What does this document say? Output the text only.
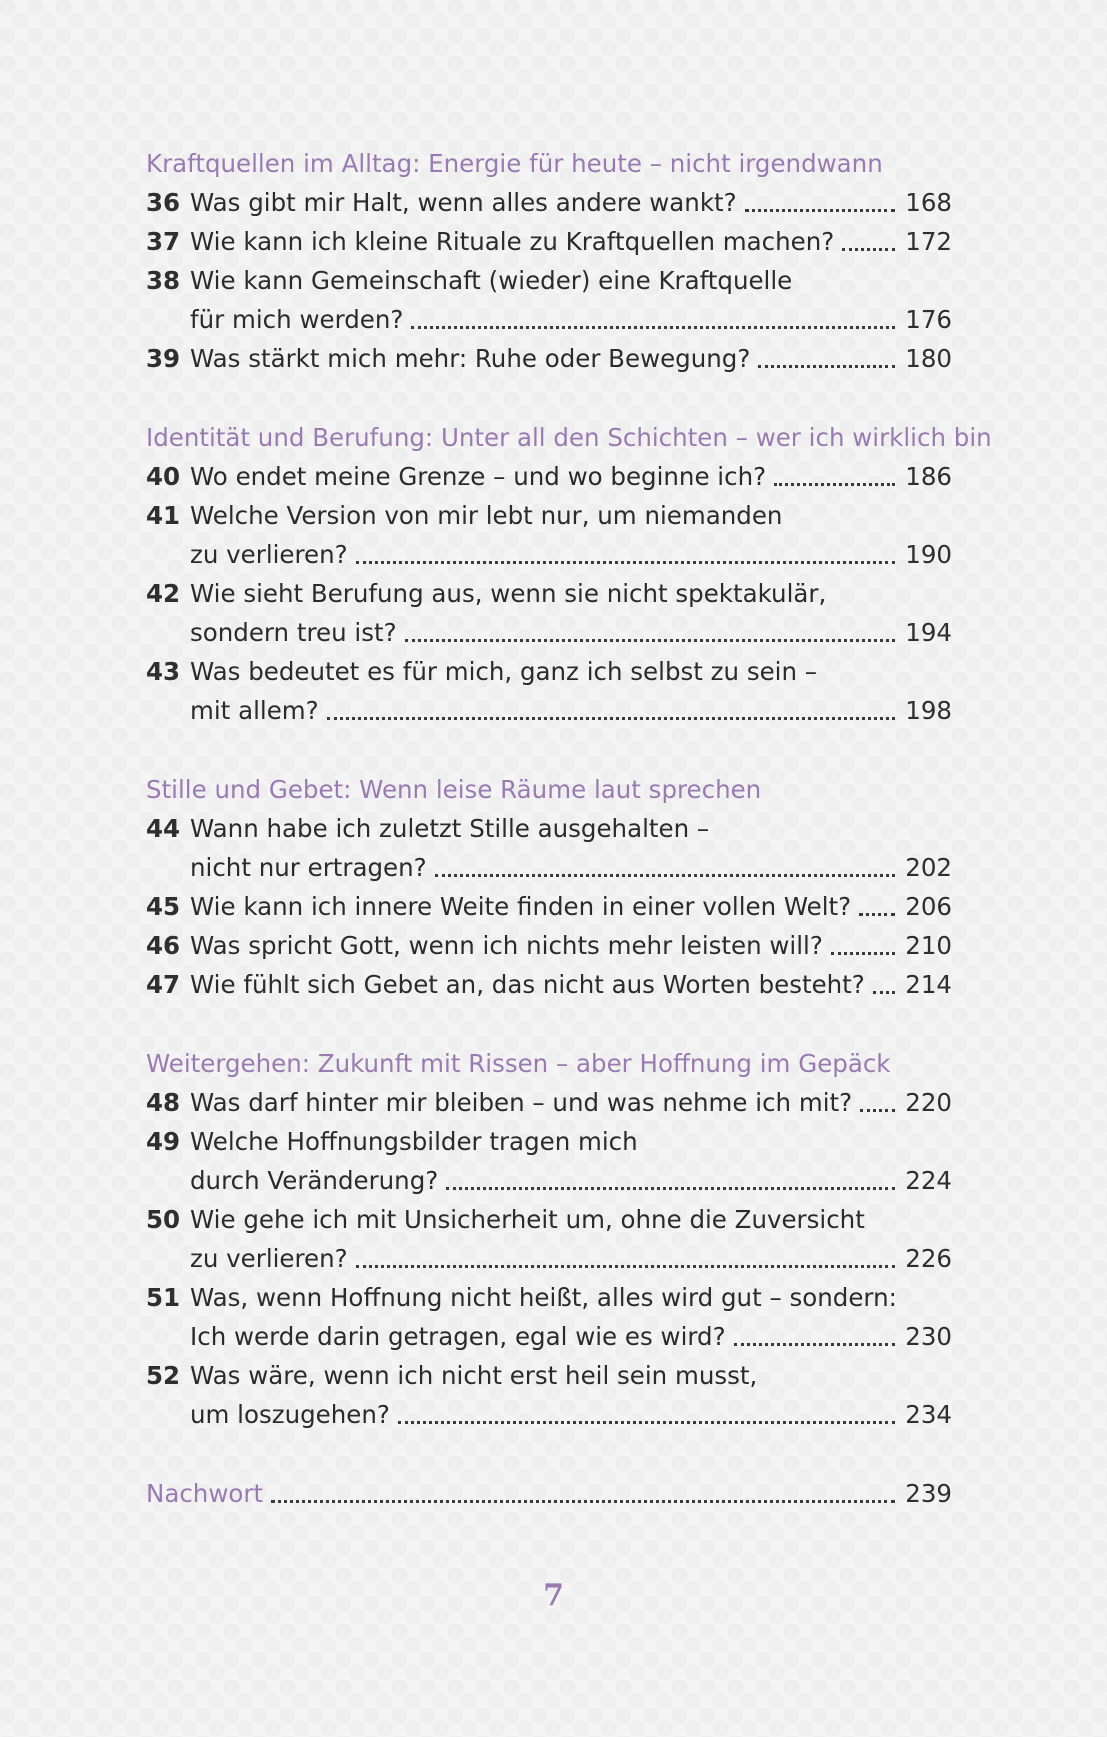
Kraftquellen im Alltag: Energie für heute – nicht irgendwann
36 Was gibt mir Halt, wenn alles andere wankt?	168
37 Wie kann ich kleine Rituale zu Kraftquellen machen?	172
38 Wie kann Gemeinschaft (wieder) eine Kraftquelle
für mich werden?	176
39 Was stärkt mich mehr: Ruhe oder Bewegung?	180
Identität und Berufung: Unter all den Schichten – wer ich wirklich bin
40 Wo endet meine Grenze – und wo beginne ich?	186
41 Welche Version von mir lebt nur, um niemanden
zu verlieren?	190
42 Wie sieht Berufung aus, wenn sie nicht spektakulär,
sondern treu ist?	194
43 Was bedeutet es für mich, ganz ich selbst zu sein –
mit allem?	198
Stille und Gebet: Wenn leise Räume laut sprechen
44 Wann habe ich zuletzt Stille ausgehalten –
nicht nur ertragen?	202
45 Wie kann ich innere Weite finden in einer vollen Welt? 206
46 Was spricht Gott, wenn ich nichts mehr leisten will?	210
47 Wie fühlt sich Gebet an, das nicht aus Worten besteht? 214
Weitergehen: Zukunft mit Rissen – aber Hoffnung im Gepäck
48 Was darf hinter mir bleiben – und was nehme ich mit? 220
49 Welche Hoffnungsbilder tragen mich
durch Veränderung?	224
50 Wie gehe ich mit Unsicherheit um, ohne die Zuversicht
zu verlieren?	226
51 Was, wenn Hoffnung nicht heißt, alles wird gut – sondern:
Ich werde darin getragen, egal wie es wird?	230
52 Was wäre, wenn ich nicht erst heil sein musst,
um loszugehen?	234
Nachwort	239
7
